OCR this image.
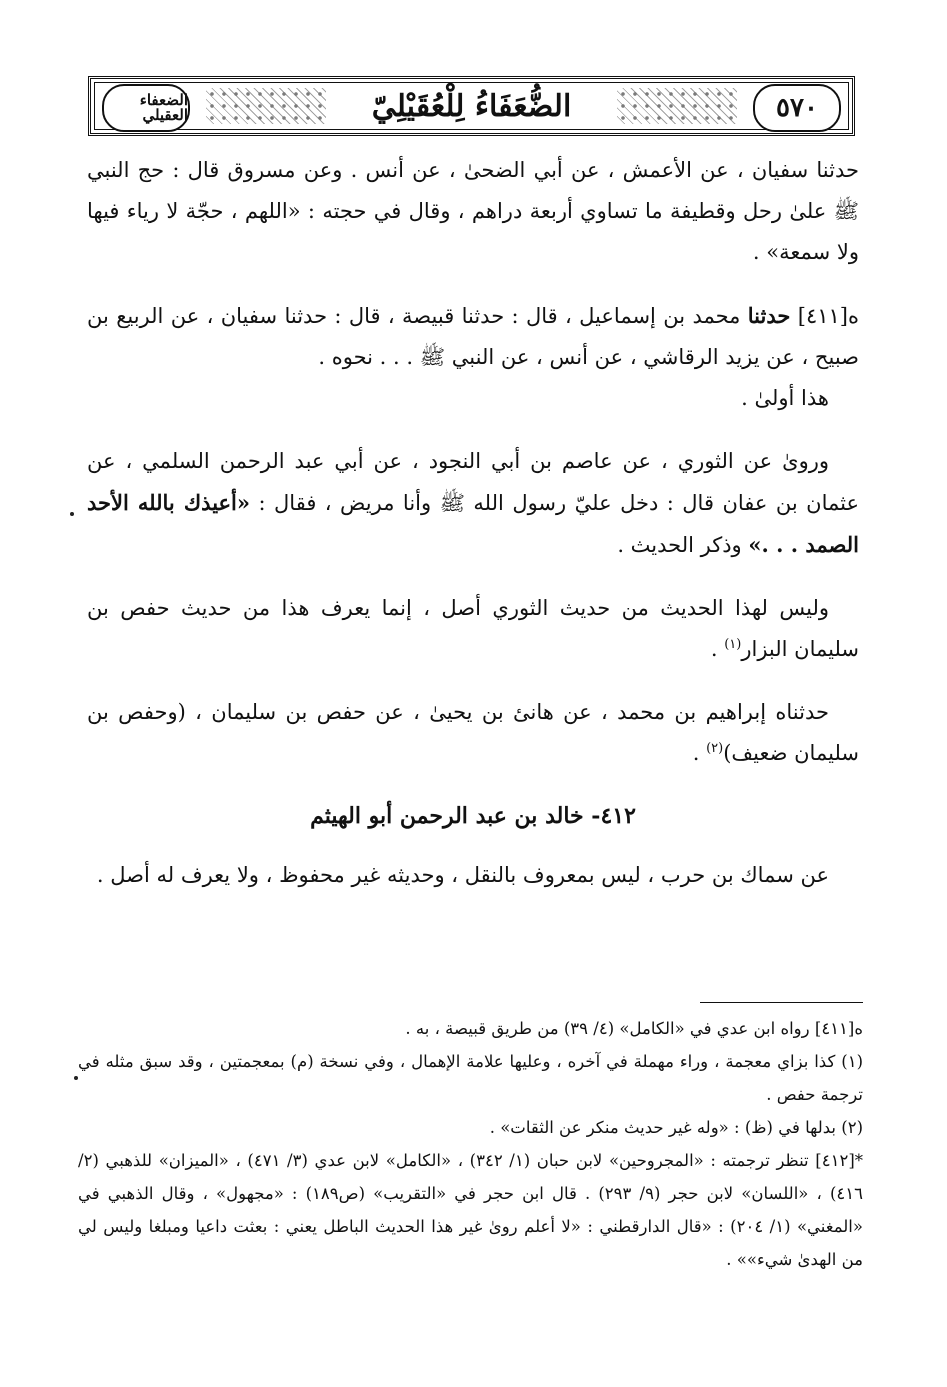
الضعفاء العقيلي	الضُّعَفَاءُ لِلْعُقَيْلِيّ	٥٧٠

حدثنا سفيان ، عن الأعمش ، عن أبي الضحىٰ ، عن أنس . وعن مسروق قال : حج النبي ﷺ علىٰ رحل وقطيفة ما تساوي أربعة دراهم ، وقال في حجته : «اللهم ، حجّة لا رياء فيها ولا سمعة» .

ه[٤١١] حدثنا محمد بن إسماعيل ، قال : حدثنا قبيصة ، قال : حدثنا سفيان ، عن الربيع بن صبيح ، عن يزيد الرقاشي ، عن أنس ، عن النبي ﷺ . . . نحوه .
هذا أولىٰ .

وروىٰ عن الثوري ، عن عاصم بن أبي النجود ، عن أبي عبد الرحمن السلمي ، عن عثمان بن عفان قال : دخل عليّ رسول الله ﷺ وأنا مريض ، فقال : «أعيذك بالله الأحد الصمد . . .» وذكر الحديث .

وليس لهذا الحديث من حديث الثوري أصل ، إنما يعرف هذا من حديث حفص بن سليمان البزار$^{(١)}$ .

حدثناه إبراهيم بن محمد ، عن هانئ بن يحيىٰ ، عن حفص بن سليمان ، (وحفص بن سليمان ضعيف)$^{(٢)}$ .

٤١٢- خالد بن عبد الرحمن أبو الهيثم

عن سماك بن حرب ، ليس بمعروف بالنقل ، وحديثه غير محفوظ ، ولا يعرف له أصل .

ه[٤١١] رواه ابن عدي في «الكامل» (٤/ ٣٩) من طريق قبيصة ، به .

(١) كذا بزاي معجمة ، وراء مهملة في آخره ، وعليها علامة الإهمال ، وفي نسخة (م) بمعجمتين ، وقد سبق مثله في ترجمة حفص .

(٢) بدلها في (ظ) : «وله غير حديث منكر عن الثقات» .

*[٤١٢] تنظر ترجمته : «المجروحين» لابن حبان (١/ ٣٤٢) ، «الكامل» لابن عدي (٣/ ٤٧١) ، «الميزان» للذهبي (٢/ ٤١٦) ، «اللسان» لابن حجر (٩/ ٢٩٣) . قال ابن حجر في «التقريب» (ص١٨٩) : «مجهول» ، وقال الذهبي في «المغني» (١/ ٢٠٤) : «قال الدارقطني : «لا أعلم روىٰ غير هذا الحديث الباطل يعني : بعثت داعيا ومبلغا وليس لي من الهدىٰ شيء»» .
